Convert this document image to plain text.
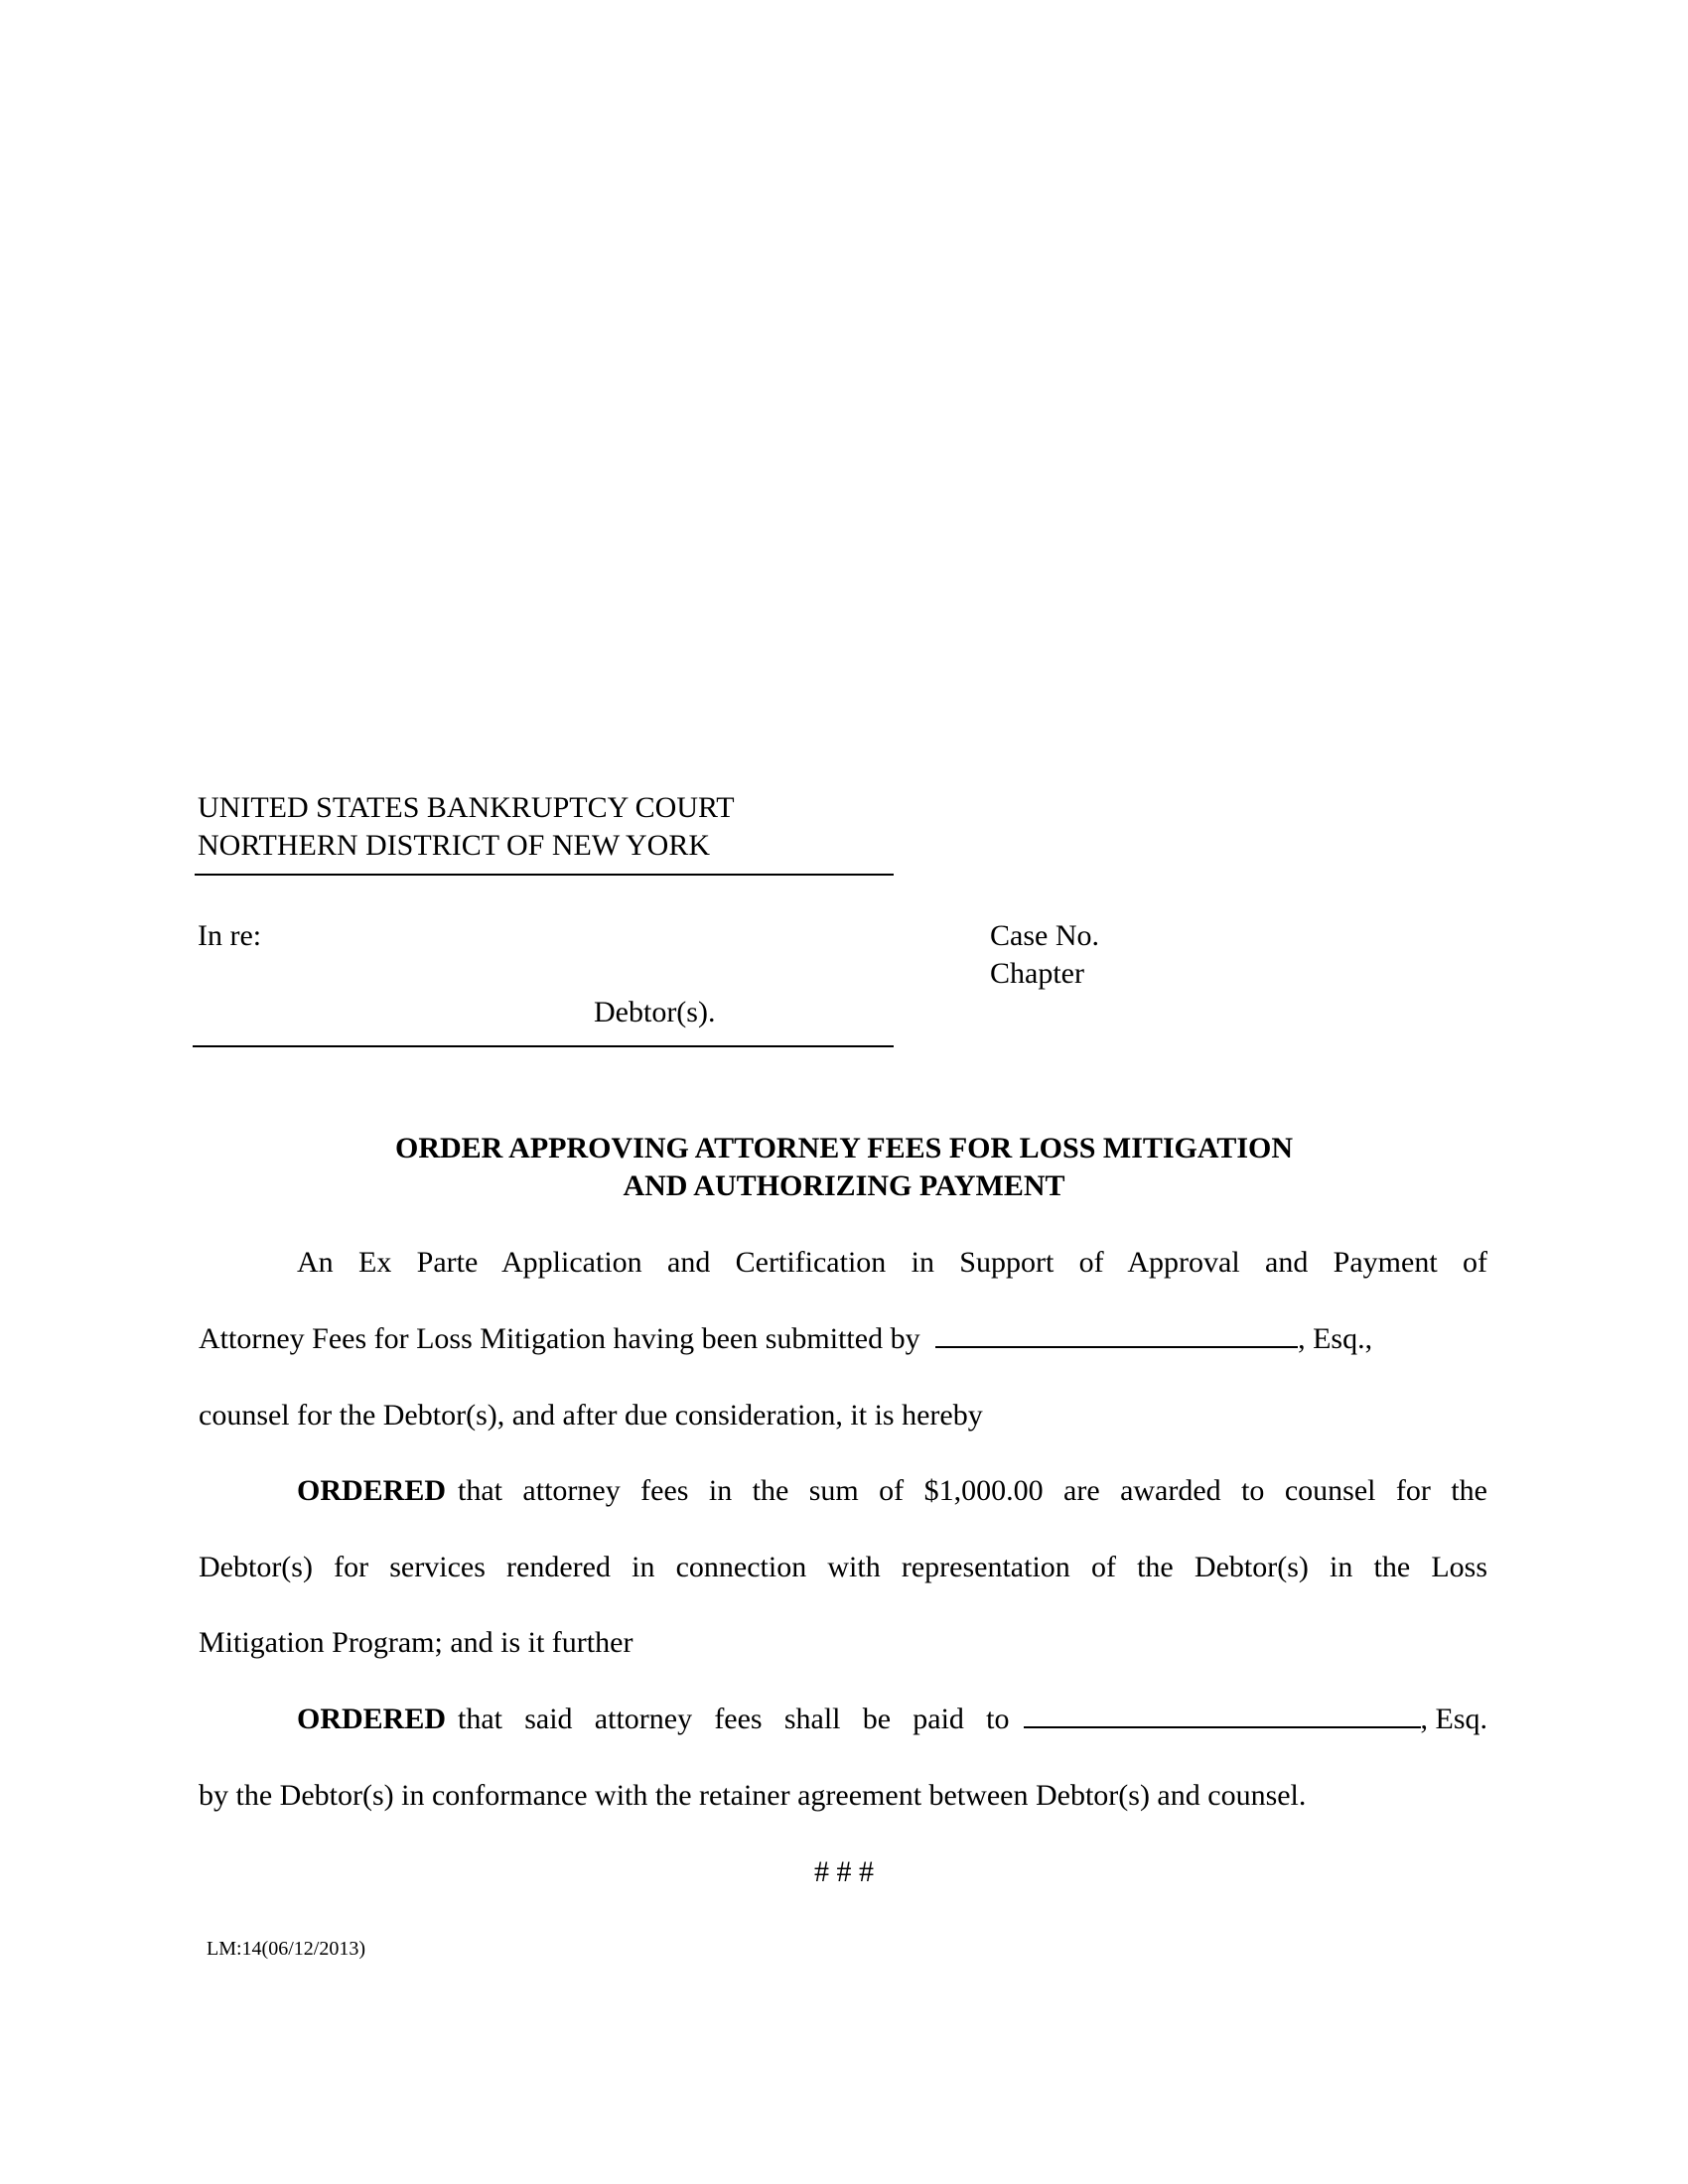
UNITED STATES BANKRUPTCY COURT
NORTHERN DISTRICT OF NEW YORK
In re:
Debtor(s).
Case No.
Chapter
ORDER APPROVING ATTORNEY FEES FOR LOSS MITIGATION
AND AUTHORIZING PAYMENT
An Ex Parte Application and Certification in Support of Approval and Payment of
Attorney Fees for Loss Mitigation having been submitted by	, Esq.,
counsel for the Debtor(s), and after due consideration, it is hereby
ORDERED that attorney fees in the sum of $1,000.00 are awarded to counsel for the
Debtor(s) for services rendered in connection with representation of the Debtor(s) in the Loss
Mitigation Program; and is it further
ORDERED that said attorney fees shall be paid to	, Esq.
by the Debtor(s) in conformance with the retainer agreement between Debtor(s) and counsel.
# # #
LM:14(06/12/2013)
